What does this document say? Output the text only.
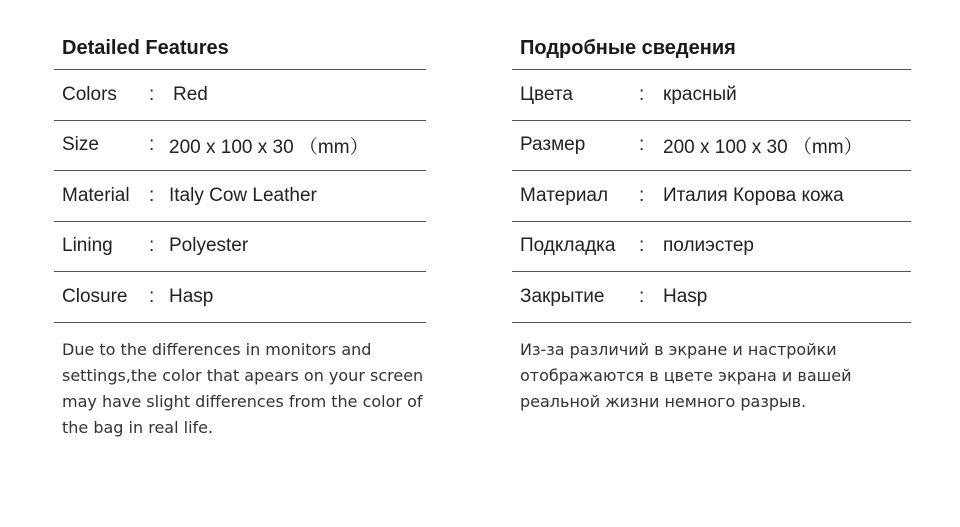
Detailed Features
Colors	: Red
Size	: 200 x 100 x 30 （mm）
Material	: Italy Cow Leather
Lining	: Polyester
Closure	: Hasp
Due to the differences in monitors and settings,the color that apears on your screen may have slight differences from the color of the bag in real life.
Подробные сведения
Цвета	: красный
Размер	: 200 x 100 x 30 （mm）
Материал	: Италия Корова кожа
Подкладка	: полиэстер
Закрытие	: Hasp
Из-за различий в экране и настройки отображаются в цвете экрана и вашей реальной жизни немного разрыв.
